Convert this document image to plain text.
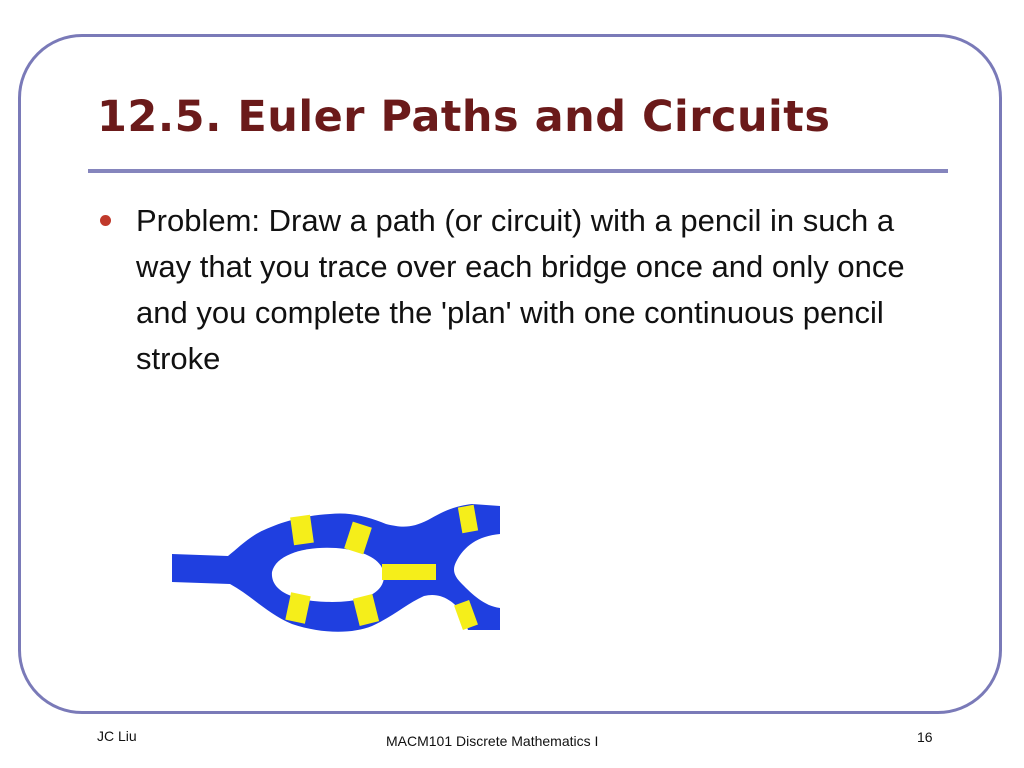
12.5. Euler Paths and Circuits

Problem: Draw a path (or circuit) with a pencil in such a way that you trace over each bridge once and only once and you complete the 'plan' with one continuous pencil stroke

JC Liu	MACM101 Discrete Mathematics I	16
